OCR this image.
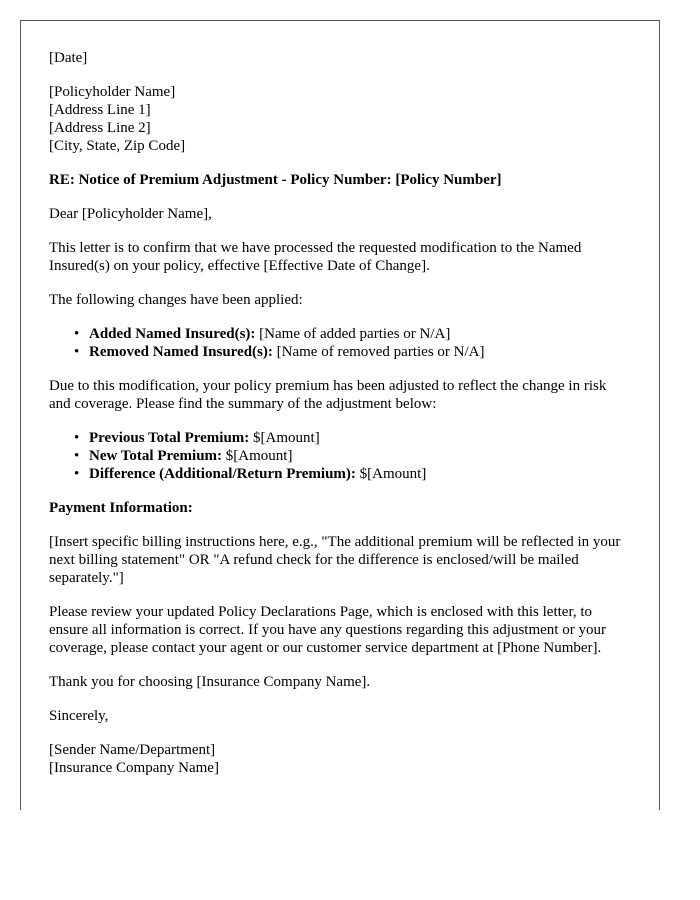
[Date]

[Policyholder Name]
[Address Line 1]
[Address Line 2]
[City, State, Zip Code]

RE: Notice of Premium Adjustment - Policy Number: [Policy Number]

Dear [Policyholder Name],

This letter is to confirm that we have processed the requested modification to the Named Insured(s) on your policy, effective [Effective Date of Change].

The following changes have been applied:

• Added Named Insured(s): [Name of added parties or N/A]
• Removed Named Insured(s): [Name of removed parties or N/A]

Due to this modification, your policy premium has been adjusted to reflect the change in risk and coverage. Please find the summary of the adjustment below:

• Previous Total Premium: $[Amount]
• New Total Premium: $[Amount]
• Difference (Additional/Return Premium): $[Amount]

Payment Information:

[Insert specific billing instructions here, e.g., "The additional premium will be reflected in your next billing statement" OR "A refund check for the difference is enclosed/will be mailed separately."]

Please review your updated Policy Declarations Page, which is enclosed with this letter, to ensure all information is correct. If you have any questions regarding this adjustment or your coverage, please contact your agent or our customer service department at [Phone Number].

Thank you for choosing [Insurance Company Name].

Sincerely,

[Sender Name/Department]
[Insurance Company Name]
